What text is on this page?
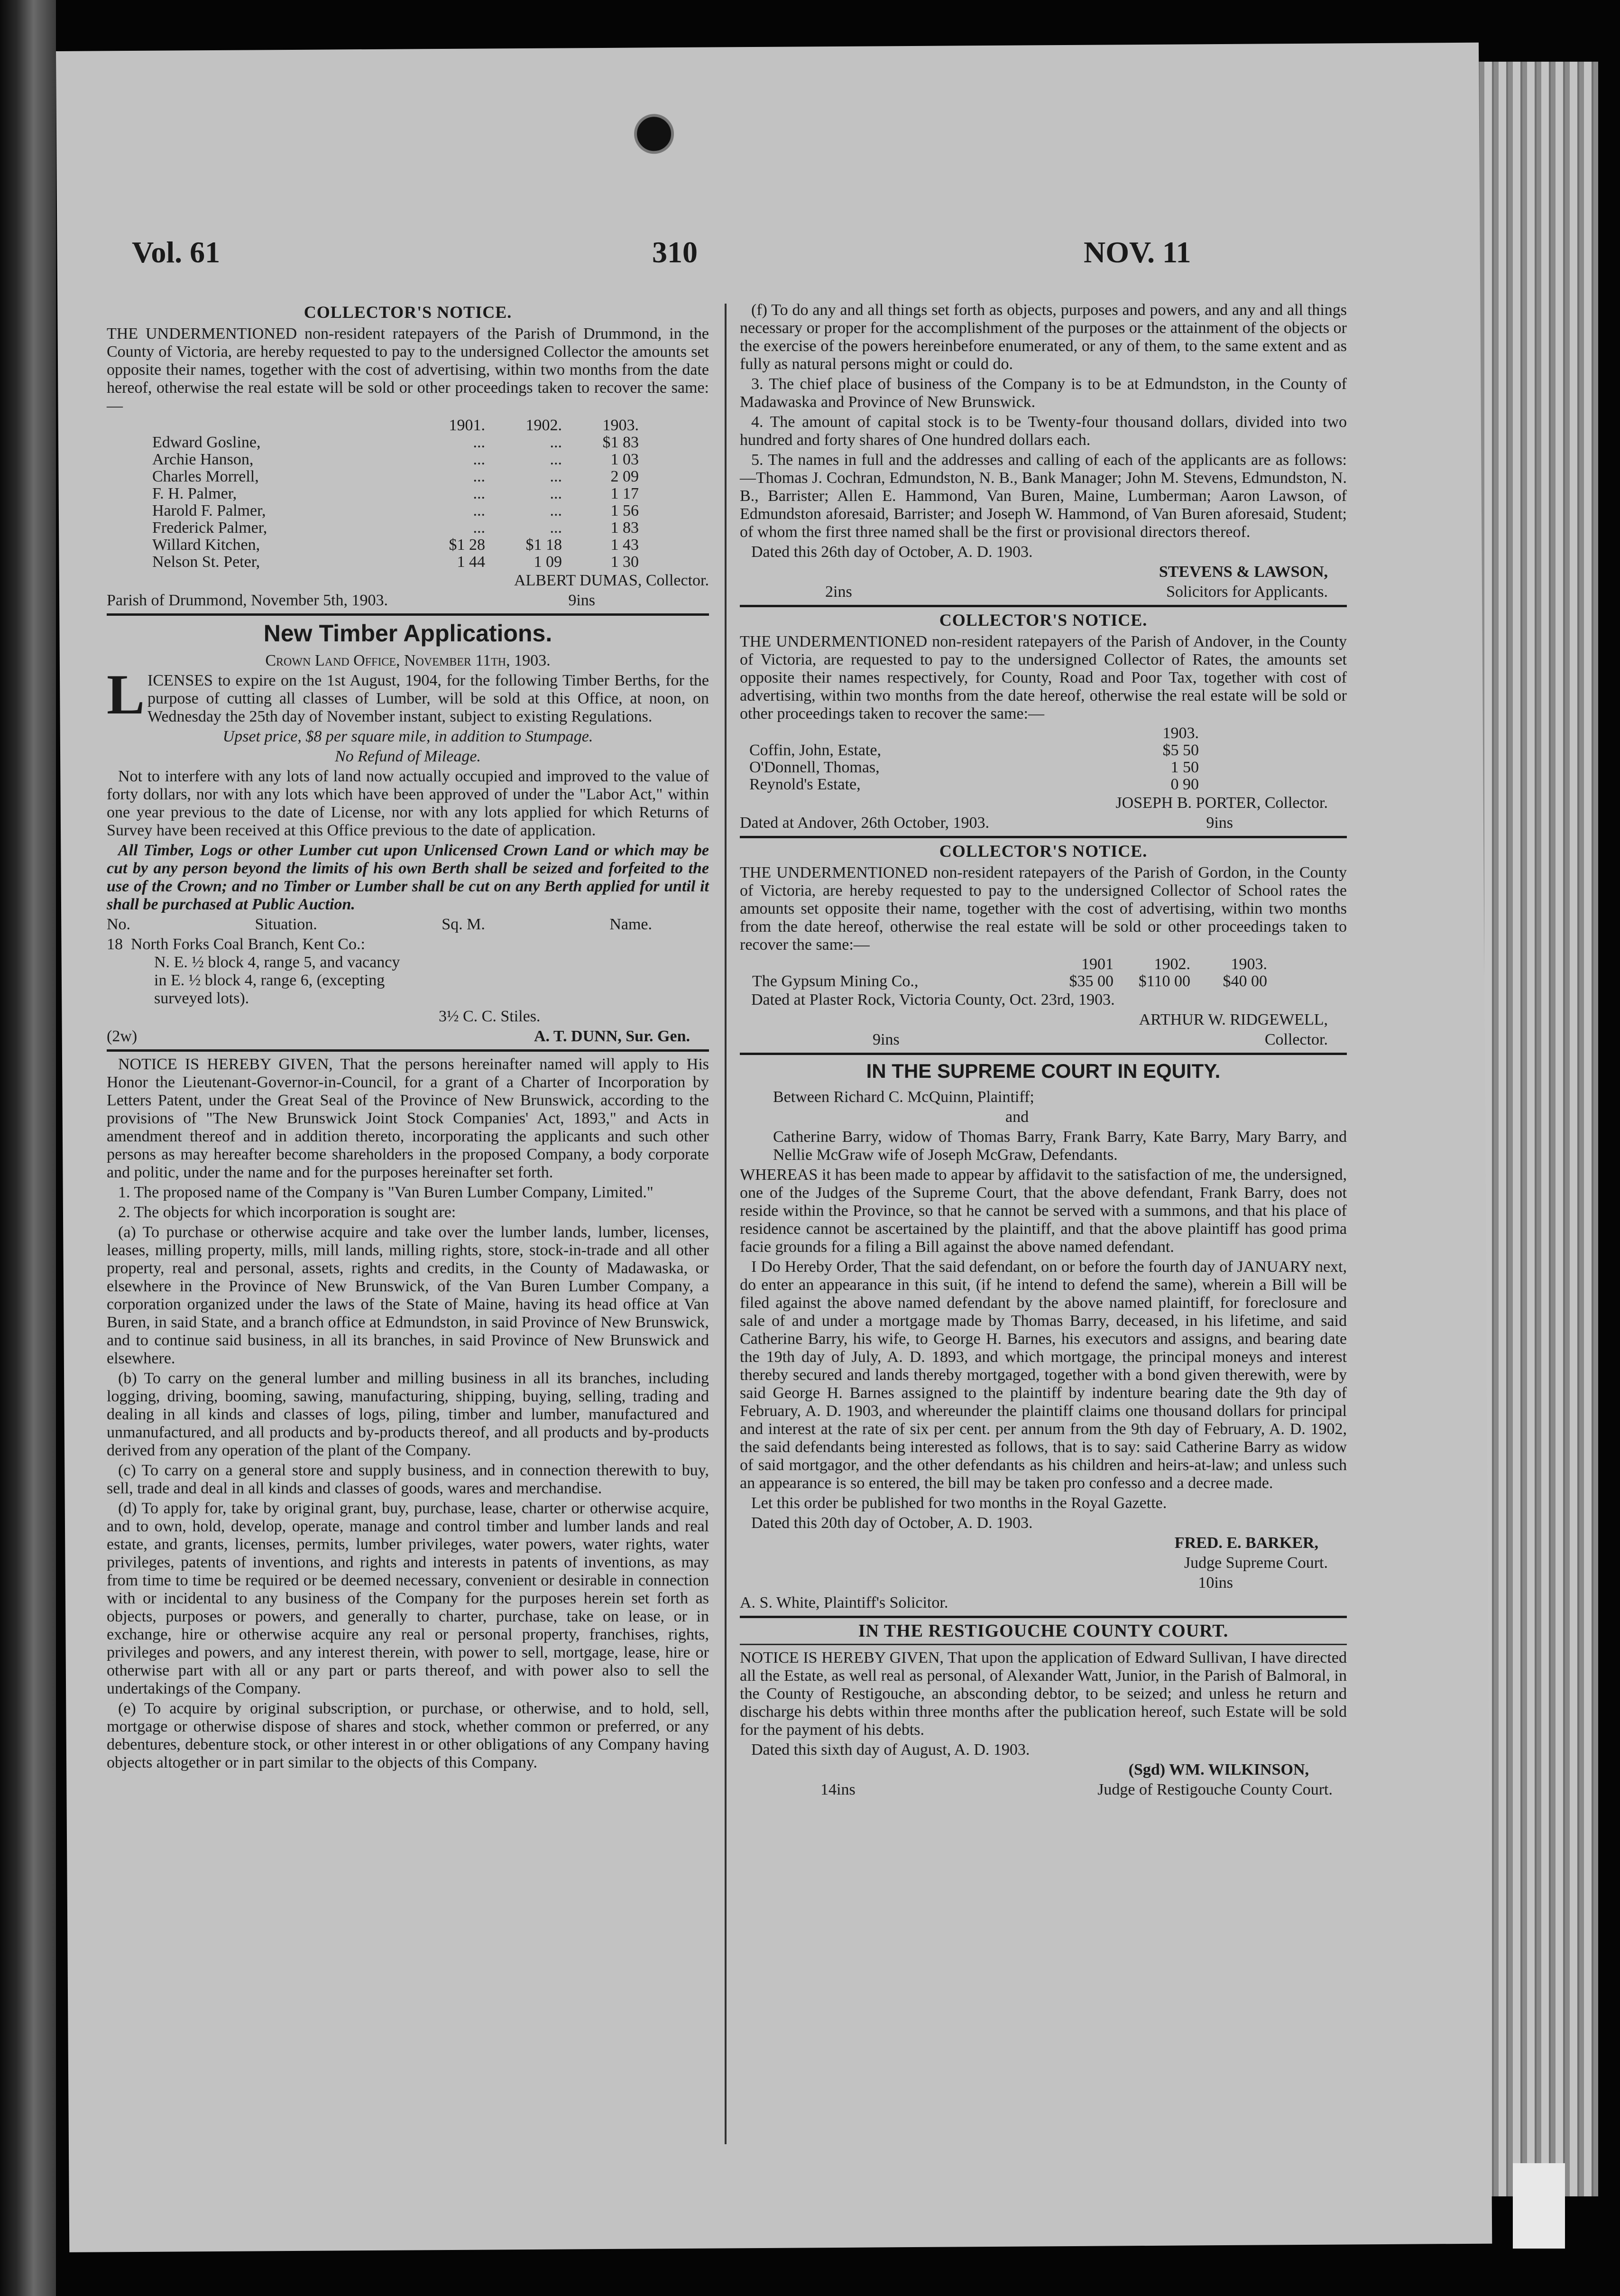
Vol. 61	310	NOV. 11
COLLECTOR'S NOTICE.

THE UNDERMENTIONED non-resident ratepayers of the Parish of Drummond, in the County of Victoria, are hereby requested to pay to the undersigned Collector the amounts set opposite their names, together with the cost of advertising, within two months from the date hereof, otherwise the real estate will be sold or other proceedings taken to recover the same:—

	1901.	1902.	1903.
Edward Gosline,	...	...	$1 83
Archie Hanson,	...	...	1 03
Charles Morrell,	...	...	2 09
F. H. Palmer,	...	...	1 17
Harold F. Palmer,	...	...	1 56
Frederick Palmer,	...	...	1 83
Willard Kitchen,	$1 28	$1 18	1 43
Nelson St. Peter,	1 44	1 09	1 30

ALBERT DUMAS, Collector.

Parish of Drummond, November 5th, 1903.	9ins
New Timber Applications.

Crown Land Office, November 11th, 1903.

LICENSES to expire on the 1st August, 1904, for the following Timber Berths, for the purpose of cutting all classes of Lumber, will be sold at this Office, at noon, on Wednesday the 25th day of November instant, subject to existing Regulations.

Upset price, $8 per square mile, in addition to Stumpage.

No Refund of Mileage.

Not to interfere with any lots of land now actually occupied and improved to the value of forty dollars, nor with any lots which have been approved of under the "Labor Act," within one year previous to the date of License, nor with any lots applied for which Returns of Survey have been received at this Office previous to the date of application.

All Timber, Logs or other Lumber cut upon Unlicensed Crown Land or which may be cut by any person beyond the limits of his own Berth shall be seized and forfeited to the use of the Crown; and no Timber or Lumber shall be cut on any Berth applied for until it shall be purchased at Public Auction.

No.	Situation.	Sq. M.	Name.
18 North Forks Coal Branch, Kent Co.:
N. E. ½ block 4, range 5, and vacancy
in E. ½ block 4, range 6, (excepting
surveyed lots).
3½ C. C. Stiles.
(2w)	A. T. DUNN, Sur. Gen.

NOTICE IS HEREBY GIVEN, That the persons hereinafter named will apply to His Honor the Lieutenant-Governor-in-Council, for a grant of a Charter of Incorporation by Letters Patent, under the Great Seal of the Province of New Brunswick, according to the provisions of "The New Brunswick Joint Stock Companies' Act, 1893," and Acts in amendment thereof and in addition thereto, incorporating the applicants and such other persons as may hereafter become shareholders in the proposed Company, a body corporate and politic, under the name and for the purposes hereinafter set forth.

1. The proposed name of the Company is "Van Buren Lumber Company, Limited."

2. The objects for which incorporation is sought are:

(a) To purchase or otherwise acquire and take over the lumber lands, lumber, licenses, leases, milling property, mills, mill lands, milling rights, store, stock-in-trade and all other property, real and personal, assets, rights and credits, in the County of Madawaska, or elsewhere in the Province of New Brunswick, of the Van Buren Lumber Company, a corporation organized under the laws of the State of Maine, having its head office at Van Buren, in said State, and a branch office at Edmundston, in said Province of New Brunswick, and to continue said business, in all its branches, in said Province of New Brunswick and elsewhere.

(b) To carry on the general lumber and milling business in all its branches, including logging, driving, booming, sawing, manufacturing, shipping, buying, selling, trading and dealing in all kinds and classes of logs, piling, timber and lumber, manufactured and unmanufactured, and all products and by-products thereof, and all products and by-products derived from any operation of the plant of the Company.

(c) To carry on a general store and supply business, and in connection therewith to buy, sell, trade and deal in all kinds and classes of goods, wares and merchandise.

(d) To apply for, take by original grant, buy, purchase, lease, charter or otherwise acquire, and to own, hold, develop, operate, manage and control timber and lumber lands and real estate, and grants, licenses, permits, lumber privileges, water powers, water rights, water privileges, patents of inventions, and rights and interests in patents of inventions, as may from time to time be required or be deemed necessary, convenient or desirable in connection with or incidental to any business of the Company for the purposes herein set forth as objects, purposes or powers, and generally to charter, purchase, take on lease, or in exchange, hire or otherwise acquire any real or personal property, franchises, rights, privileges and powers, and any interest therein, with power to sell, mortgage, lease, hire or otherwise part with all or any part or parts thereof, and with power also to sell the undertakings of the Company.

(e) To acquire by original subscription, or purchase, or otherwise, and to hold, sell, mortgage or otherwise dispose of shares and stock, whether common or preferred, or any debentures, debenture stock, or other interest in or other obligations of any Company having objects altogether or in part similar to the objects of this Company.

(f) To do any and all things set forth as objects, purposes and powers, and any and all things necessary or proper for the accomplishment of the purposes or the attainment of the objects or the exercise of the powers hereinbefore enumerated, or any of them, to the same extent and as fully as natural persons might or could do.

3. The chief place of business of the Company is to be at Edmundston, in the County of Madawaska and Province of New Brunswick.

4. The amount of capital stock is to be Twenty-four thousand dollars, divided into two hundred and forty shares of One hundred dollars each.

5. The names in full and the addresses and calling of each of the applicants are as follows:—Thomas J. Cochran, Edmundston, N. B., Bank Manager; John M. Stevens, Edmundston, N. B., Barrister; Allen E. Hammond, Van Buren, Maine, Lumberman; Aaron Lawson, of Edmundston aforesaid, Barrister; and Joseph W. Hammond, of Van Buren aforesaid, Student; of whom the first three named shall be the first or provisional directors thereof.

Dated this 26th day of October, A. D. 1903.

STEVENS & LAWSON,

2ins	Solicitors for Applicants.
COLLECTOR'S NOTICE.

THE UNDERMENTIONED non-resident ratepayers of the Parish of Andover, in the County of Victoria, are requested to pay to the undersigned Collector of Rates, the amounts set opposite their names respectively, for County, Road and Poor Tax, together with cost of advertising, within two months from the date hereof, otherwise the real estate will be sold or other proceedings taken to recover the same:—

	1903.
Coffin, John, Estate,	$5 50
O'Donnell, Thomas,	1 50
Reynold's Estate,	0 90

JOSEPH B. PORTER, Collector.

Dated at Andover, 26th October, 1903.	9ins
COLLECTOR'S NOTICE.

THE UNDERMENTIONED non-resident ratepayers of the Parish of Gordon, in the County of Victoria, are hereby requested to pay to the undersigned Collector of School rates the amounts set opposite their name, together with the cost of advertising, within two months from the date hereof, otherwise the real estate will be sold or other proceedings taken to recover the same:—

	1901	1902.	1903.
The Gypsum Mining Co.,	$35 00	$110 00	$40 00

Dated at Plaster Rock, Victoria County, Oct. 23rd, 1903.

ARTHUR W. RIDGEWELL,

9ins	Collector.
IN THE SUPREME COURT IN EQUITY.

Between Richard C. McQuinn, Plaintiff;

and

Catherine Barry, widow of Thomas Barry, Frank Barry, Kate Barry, Mary Barry, and Nellie McGraw wife of Joseph McGraw, Defendants.

WHEREAS it has been made to appear by affidavit to the satisfaction of me, the undersigned, one of the Judges of the Supreme Court, that the above defendant, Frank Barry, does not reside within the Province, so that he cannot be served with a summons, and that his place of residence cannot be ascertained by the plaintiff, and that the above plaintiff has good prima facie grounds for a filing a Bill against the above named defendant.

I Do Hereby Order, That the said defendant, on or before the fourth day of JANUARY next, do enter an appearance in this suit, (if he intend to defend the same), wherein a Bill will be filed against the above named defendant by the above named plaintiff, for foreclosure and sale of and under a mortgage made by Thomas Barry, deceased, in his lifetime, and said Catherine Barry, his wife, to George H. Barnes, his executors and assigns, and bearing date the 19th day of July, A. D. 1893, and which mortgage, the principal moneys and interest thereby secured and lands thereby mortgaged, together with a bond given therewith, were by said George H. Barnes assigned to the plaintiff by indenture bearing date the 9th day of February, A. D. 1903, and whereunder the plaintiff claims one thousand dollars for principal and interest at the rate of six per cent. per annum from the 9th day of February, A. D. 1902, the said defendants being interested as follows, that is to say: said Catherine Barry as widow of said mortgagor, and the other defendants as his children and heirs-at-law; and unless such an appearance is so entered, the bill may be taken pro confesso and a decree made.

Let this order be published for two months in the Royal Gazette.

Dated this 20th day of October, A. D. 1903.

FRED. E. BARKER,

Judge Supreme Court.

10ins

A. S. White, Plaintiff's Solicitor.

IN THE RESTIGOUCHE COUNTY COURT.

NOTICE IS HEREBY GIVEN, That upon the application of Edward Sullivan, I have directed all the Estate, as well real as personal, of Alexander Watt, Junior, in the Parish of Balmoral, in the County of Restigouche, an absconding debtor, to be seized; and unless he return and discharge his debts within three months after the publication hereof, such Estate will be sold for the payment of his debts.

Dated this sixth day of August, A. D. 1903.

(Sgd) WM. WILKINSON,

14ins	Judge of Restigouche County Court.
